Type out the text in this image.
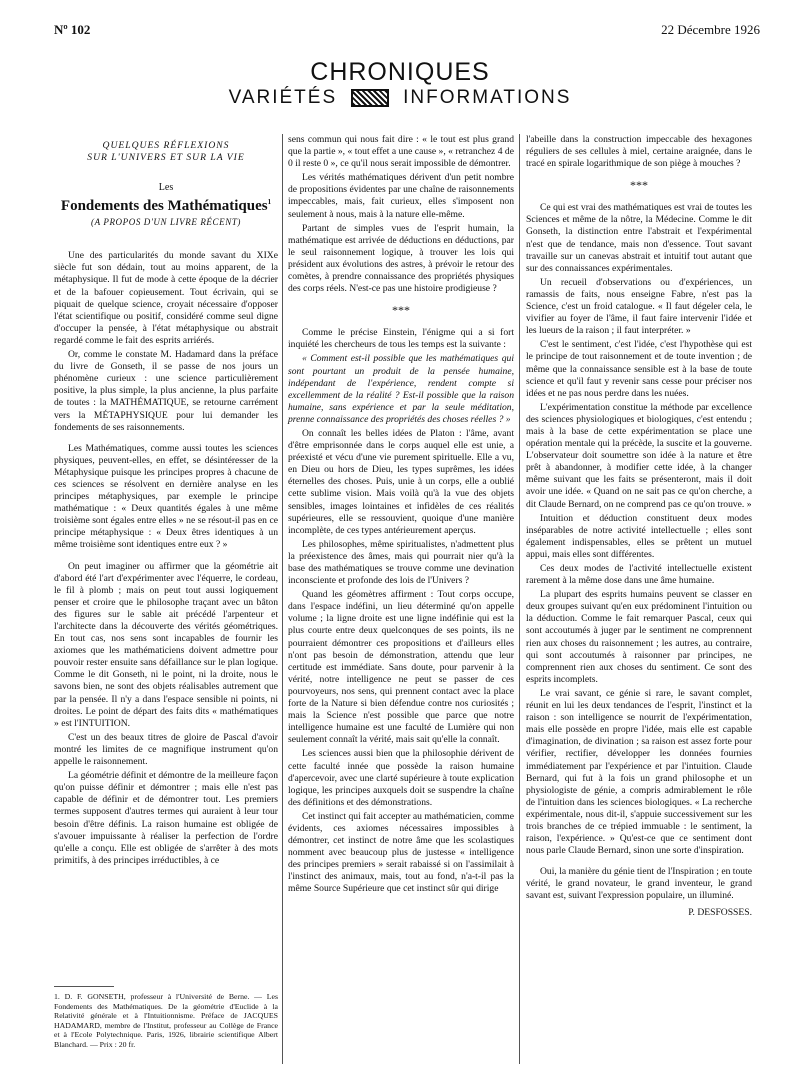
Nº 102	22 Décembre 1926
CHRONIQUES
VARIÉTÉS	INFORMATIONS
QUELQUES RÉFLEXIONS
SUR L'UNIVERS ET SUR LA VIE
Les
Fondements des Mathématiques$^1$
(A PROPOS D'UN LIVRE RÉCENT)

Une des particularités du monde savant du XIXe siècle fut son dédain, tout au moins apparent, de la métaphysique. Il fut de mode à cette époque de la décrier et de la bafouer copieusement. Tout écrivain, qui se piquait de quelque science, croyait nécessaire d'opposer l'état scientifique ou positif, considéré comme seul digne d'occuper la pensée, à l'état métaphysique ou abstrait regardé comme le fait des esprits arriérés.

Or, comme le constate M. Hadamard dans la préface du livre de Gonseth, il se passe de nos jours un phénomène curieux : une science particulièrement positive, la plus simple, la plus ancienne, la plus parfaite de toutes : la MATHÉMATIQUE, se retourne carrément vers la MÉTAPHYSIQUE pour lui demander les fondements de ses raisonnements.

Les Mathématiques, comme aussi toutes les sciences physiques, peuvent-elles, en effet, se désintéresser de la Métaphysique puisque les principes propres à chacune de ces sciences se résolvent en dernière analyse en les principes métaphysiques, par exemple le principe mathématique : « Deux quantités égales à une même troisième sont égales entre elles » ne se résout-il pas en ce principe métaphysique : « Deux êtres identiques à un même troisième sont identiques entre eux ? »

On peut imaginer ou affirmer que la géométrie ait d'abord été l'art d'expérimenter avec l'équerre, le cordeau, le fil à plomb ; mais on peut tout aussi logiquement penser et croire que le philosophe traçant avec un bâton des figures sur le sable ait précédé l'arpenteur et l'architecte dans la découverte des vérités géométriques. En tout cas, nos sens sont incapables de fournir les axiomes que les mathématiciens doivent admettre pour pouvoir rester ensuite sans défaillance sur le plan logique. Comme le dit Gonseth, ni le point, ni la droite, nous le savons bien, ne sont des objets réalisables autrement que par la pensée. Il n'y a dans l'espace sensible ni points, ni droites. Le point de départ des faits dits « mathématiques » est l'INTUITION.

C'est un des beaux titres de gloire de Pascal d'avoir montré les limites de ce magnifique instrument qu'on appelle le raisonnement.

La géométrie définit et démontre de la meilleure façon qu'on puisse définir et démontrer ; mais elle n'est pas capable de définir et de démontrer tout. Les premiers termes supposent d'autres termes qui auraient à leur tour besoin d'être définis. La raison humaine est obligée de s'avouer impuissante à réaliser la perfection de l'ordre qu'elle a conçu. Elle est obligée de s'arrêter à des mots primitifs, à des principes irréductibles, à ce

1. D. F. GONSETH, professeur à l'Université de Berne. — Les Fondements des Mathématiques. De la géométrie d'Euclide à la Relativité générale et à l'Intuitionnisme. Préface de JACQUES HADAMARD, membre de l'Institut, professeur au Collège de France et à l'Ecole Polytechnique. Paris, 1926, librairie scientifique Albert Blanchard. — Prix : 20 fr.

sens commun qui nous fait dire : « le tout est plus grand que la partie », « tout effet a une cause », « retranchez 4 de 0 il reste 0 », ce qu'il nous serait impossible de démontrer.

Les vérités mathématiques dérivent d'un petit nombre de propositions évidentes par une chaîne de raisonnements impeccables, mais, fait curieux, elles s'imposent non seulement à nous, mais à la nature elle-même.

Partant de simples vues de l'esprit humain, la mathématique est arrivée de déductions en déductions, par le seul raisonnement logique, à trouver les lois qui président aux évolutions des astres, à prévoir le retour des comètes, à prendre connaissance des propriétés physiques des corps réels. N'est-ce pas une histoire prodigieuse ?

***

Comme le précise Einstein, l'énigme qui a si fort inquiété les chercheurs de tous les temps est la suivante :

« Comment est-il possible que les mathématiques qui sont pourtant un produit de la pensée humaine, indépendant de l'expérience, rendent compte si excellemment de la réalité ? Est-il possible que la raison humaine, sans expérience et par la seule méditation, prenne connaissance des propriétés des choses réelles ? »

On connaît les belles idées de Platon : l'âme, avant d'être emprisonnée dans le corps auquel elle est unie, a préexisté et vécu d'une vie purement spirituelle. Elle a vu, en Dieu ou hors de Dieu, les types suprêmes, les idées éternelles des choses. Puis, unie à un corps, elle a oublié cette sublime vision. Mais voilà qu'à la vue des objets sensibles, images lointaines et infidèles de ces réalités supérieures, elle se ressouvient, quoique d'une manière incomplète, de ces types antérieurement aperçus.

Les philosophes, même spiritualistes, n'admettent plus la préexistence des âmes, mais qui pourrait nier qu'à la base des mathématiques se trouve comme une devination inconsciente et profonde des lois de l'Univers ?

Quand les géomètres affirment : Tout corps occupe, dans l'espace indéfini, un lieu déterminé qu'on appelle volume ; la ligne droite est une ligne indéfinie qui est la plus courte entre deux quelconques de ses points, ils ne pourraient démontrer ces propositions et d'ailleurs elles n'ont pas besoin de démonstration, attendu que leur certitude est immédiate. Sans doute, pour parvenir à la vérité, notre intelligence ne peut se passer de ces pourvoyeurs, nos sens, qui prennent contact avec la place forte de la Nature si bien défendue contre nos curiosités ; mais la Science n'est possible que parce que notre intelligence humaine est une faculté de Lumière qui non seulement connaît la vérité, mais sait qu'elle la connaît.

Les sciences aussi bien que la philosophie dérivent de cette faculté innée que possède la raison humaine d'apercevoir, avec une clarté supérieure à toute explication logique, les principes auxquels doit se suspendre la chaîne des définitions et des démonstrations.

Cet instinct qui fait accepter au mathématicien, comme évidents, ces axiomes nécessaires impossibles à démontrer, cet instinct de notre âme que les scolastiques nomment avec beaucoup plus de justesse « intelligence des principes premiers » serait rabaissé si on l'assimilait à l'instinct des animaux, mais, tout au fond, n'a-t-il pas la même Source Supérieure que cet instinct sûr qui dirige

l'abeille dans la construction impeccable des hexagones réguliers de ses cellules à miel, certaine araignée, dans le tracé en spirale logarithmique de son piège à mouches ?

***

Ce qui est vrai des mathématiques est vrai de toutes les Sciences et même de la nôtre, la Médecine. Comme le dit Gonseth, la distinction entre l'abstrait et l'expérimental n'est que de tendance, mais non d'essence. Tout savant travaille sur un canevas abstrait et intuitif tout autant que sur des connaissances expérimentales.

Un recueil d'observations ou d'expériences, un ramassis de faits, nous enseigne Fabre, n'est pas la Science, c'est un froid catalogue. « Il faut dégeler cela, le vivifier au foyer de l'âme, il faut faire intervenir l'idée et les lueurs de la raison ; il faut interpréter. »

C'est le sentiment, c'est l'idée, c'est l'hypothèse qui est le principe de tout raisonnement et de toute invention ; de même que la connaissance sensible est à la base de toute science et qu'il faut y revenir sans cesse pour préciser nos idées et ne pas nous perdre dans les nuées.

L'expérimentation constitue la méthode par excellence des sciences physiologiques et biologiques, c'est entendu ; mais à la base de cette expérimentation se place une opération mentale qui la précède, la suscite et la gouverne. L'observateur doit soumettre son idée à la nature et être prêt à abandonner, à modifier cette idée, à la changer même suivant que les faits se présenteront, mais il doit avoir une idée. « Quand on ne sait pas ce qu'on cherche, a dit Claude Bernard, on ne comprend pas ce qu'on trouve. »

Intuition et déduction constituent deux modes inséparables de notre activité intellectuelle ; elles sont également indispensables, elles se prêtent un mutuel appui, mais elles sont différentes.

Ces deux modes de l'activité intellectuelle existent rarement à la même dose dans une âme humaine.

La plupart des esprits humains peuvent se classer en deux groupes suivant qu'en eux prédominent l'intuition ou la déduction. Comme le fait remarquer Pascal, ceux qui sont accoutumés à juger par le sentiment ne comprennent rien aux choses du raisonnement ; les autres, au contraire, qui sont accoutumés à raisonner par principes, ne comprennent rien aux choses du sentiment. Ce sont des esprits incomplets.

Le vrai savant, ce génie si rare, le savant complet, réunit en lui les deux tendances de l'esprit, l'instinct et la raison : son intelligence se nourrit de l'expérimentation, mais elle possède en propre l'idée, mais elle est capable d'imagination, de divination ; sa raison est assez forte pour vérifier, rectifier, développer les données fournies immédiatement par l'expérience et par l'intuition. Claude Bernard, qui fut à la fois un grand philosophe et un physiologiste de génie, a compris admirablement le rôle de l'intuition dans les sciences biologiques. « La recherche expérimentale, nous dit-il, s'appuie successivement sur les trois branches de ce trépied immuable : le sentiment, la raison, l'expérience. » Qu'est-ce que ce sentiment dont nous parle Claude Bernard, sinon une sorte d'inspiration.

Oui, la manière du génie tient de l'Inspiration ; en toute vérité, le grand novateur, le grand inventeur, le grand savant est, suivant l'expression populaire, un illuminé.

P. DESFOSSES.
